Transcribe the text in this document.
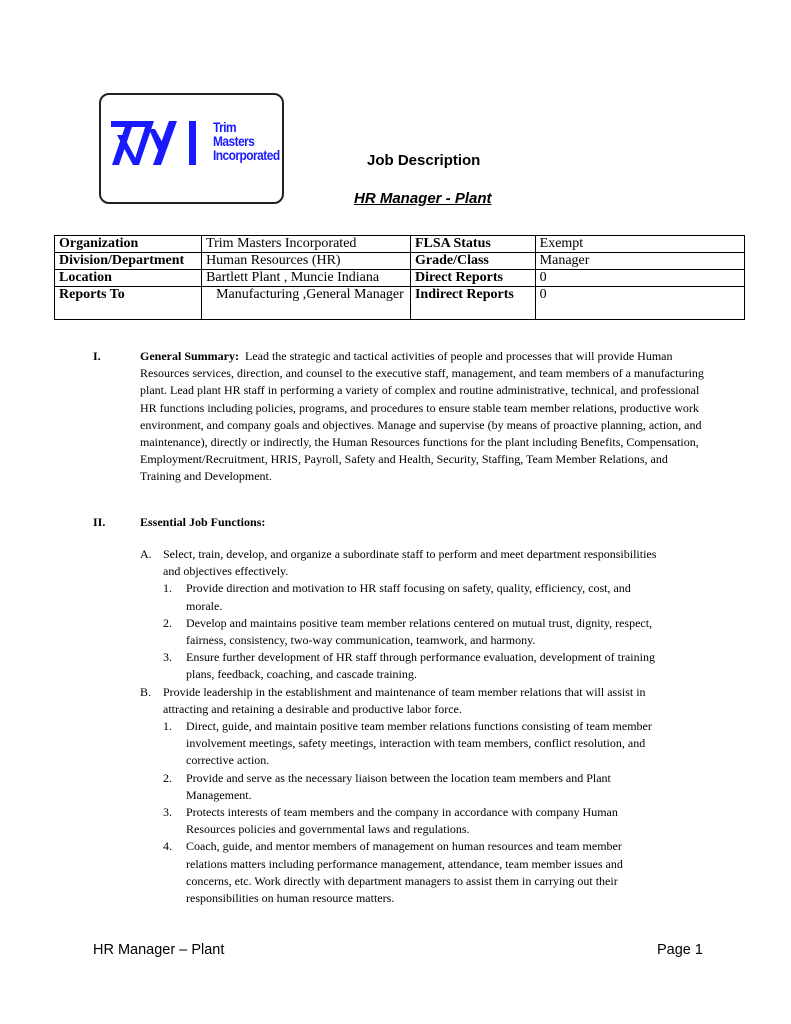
Trim
Masters
Incorporated	Job Description
HR Manager - Plant
Organization	Trim Masters Incorporated	FLSA Status	Exempt
Division/Department	Human Resources (HR)	Grade/Class	Manager
Location	Bartlett Plant , Muncie Indiana	Direct Reports	0
Reports To	Manufacturing ,General Manager	Indirect Reports	0
I.	General Summary: Lead the strategic and tactical activities of people and processes that will provide Human Resources services, direction, and counsel to the executive staff, management, and team members of a manufacturing plant. Lead plant HR staff in performing a variety of complex and routine administrative, technical, and professional HR functions including policies, programs, and procedures to ensure stable team member relations, productive work environment, and company goals and objectives. Manage and supervise (by means of proactive planning, action, and maintenance), directly or indirectly, the Human Resources functions for the plant including Benefits, Compensation, Employment/Recruitment, HRIS, Payroll, Safety and Health, Security, Staffing, Team Member Relations, and Training and Development.
II.	Essential Job Functions:
A. Select, train, develop, and organize a subordinate staff to perform and meet department responsibilities
and objectives effectively.
1. Provide direction and motivation to HR staff focusing on safety, quality, efficiency, cost, and
morale.
2. Develop and maintains positive team member relations centered on mutual trust, dignity, respect,
fairness, consistency, two-way communication, teamwork, and harmony.
3. Ensure further development of HR staff through performance evaluation, development of training
plans, feedback, coaching, and cascade training.
B. Provide leadership in the establishment and maintenance of team member relations that will assist in
attracting and retaining a desirable and productive labor force.
1. Direct, guide, and maintain positive team member relations functions consisting of team member
involvement meetings, safety meetings, interaction with team members, conflict resolution, and
corrective action.
2. Provide and serve as the necessary liaison between the location team members and Plant
Management.
3. Protects interests of team members and the company in accordance with company Human
Resources policies and governmental laws and regulations.
4. Coach, guide, and mentor members of management on human resources and team member
relations matters including performance management, attendance, team member issues and
concerns, etc. Work directly with department managers to assist them in carrying out their
responsibilities on human resource matters.
HR Manager – Plant	Page 1
